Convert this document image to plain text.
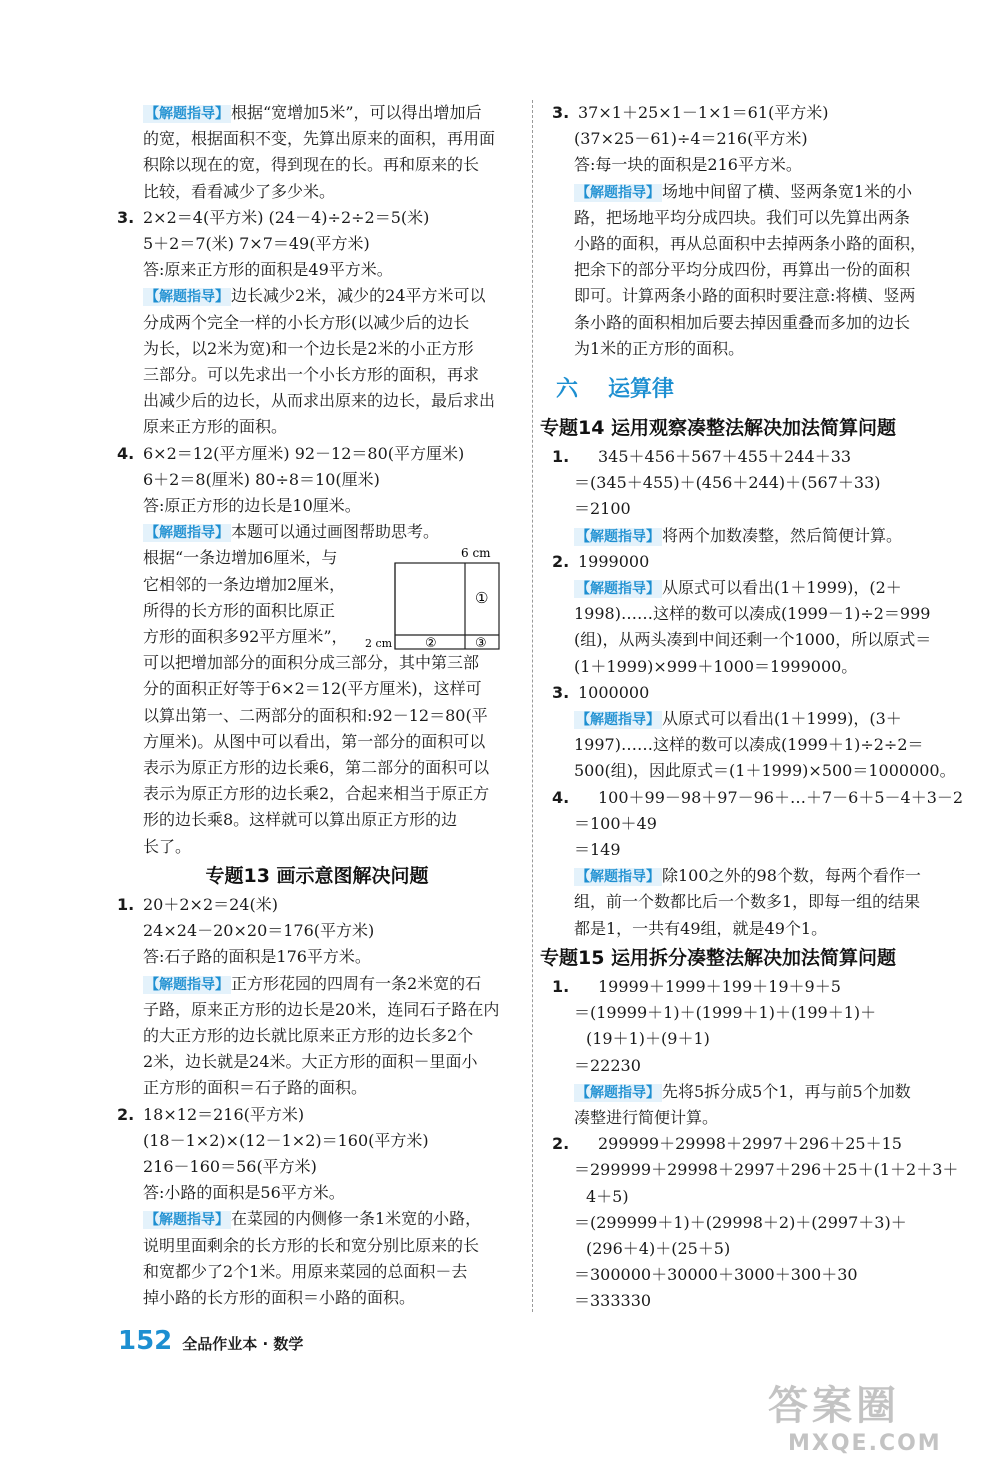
【解题指导】 根据“宽增加5米”，可以得出增加后
的宽，根据面积不变，先算出原来的面积，再用面
积除以现在的宽，得到现在的长。再和原来的长
比较，看看减少了多少米。
3. 2×2＝4(平方米) (24－4)÷2÷2＝5(米)
5＋2＝7(米) 7×7＝49(平方米)
答:原来正方形的面积是49平方米。
【解题指导】 边长减少2米，减少的24平方米可以
分成两个完全一样的小长方形(以减少后的边长
为长，以2米为宽)和一个边长是2米的小正方形
三部分。可以先求出一个小长方形的面积，再求
出减少后的边长，从而求出原来的边长，最后求出
原来正方形的面积。
4. 6×2＝12(平方厘米) 92－12＝80(平方厘米)
6＋2＝8(厘米) 80÷8＝10(厘米)
答:原正方形的边长是10厘米。
【解题指导】 本题可以通过画图帮助思考。
根据“一条边增加6厘米，与
它相邻的一条边增加2厘米，
所得的长方形的面积比原正
方形的面积多92平方厘米”，
6 cm
①
②	③
2 cm
可以把增加部分的面积分成三部分，其中第三部
分的面积正好等于6×2＝12(平方厘米)，这样可
以算出第一、二两部分的面积和:92－12＝80(平
方厘米)。从图中可以看出，第一部分的面积可以
表示为原正方形的边长乘6，第二部分的面积可以
表示为原正方形的边长乘2，合起来相当于原正方
形的边长乘8。这样就可以算出原正方形的边
长了。
专题13 画示意图解决问题
1. 20＋2×2＝24(米)
24×24－20×20＝176(平方米)
答:石子路的面积是176平方米。
【解题指导】 正方形花园的四周有一条2米宽的石
子路，原来正方形的边长是20米，连同石子路在内
的大正方形的边长就比原来正方形的边长多2个
2米，边长就是24米。大正方形的面积－里面小
正方形的面积＝石子路的面积。
2. 18×12＝216(平方米)
(18－1×2)×(12－1×2)＝160(平方米)
216－160＝56(平方米)
答:小路的面积是56平方米。
【解题指导】 在菜园的内侧修一条1米宽的小路，
说明里面剩余的长方形的长和宽分别比原来的长
和宽都少了2个1米。用原来菜园的总面积－去
掉小路的长方形的面积＝小路的面积。
3. 37×1＋25×1－1×1＝61(平方米)
(37×25－61)÷4＝216(平方米)
答:每一块的面积是216平方米。
【解题指导】 场地中间留了横、竖两条宽1米的小
路，把场地平均分成四块。我们可以先算出两条
小路的面积，再从总面积中去掉两条小路的面积，
把余下的部分平均分成四份，再算出一份的面积
即可。计算两条小路的面积时要注意:将横、竖两
条小路的面积相加后要去掉因重叠而多加的边长
为1米的正方形的面积。
六 运算律
专题14 运用观察凑整法解决加法简算问题
1. 345＋456＋567＋455＋244＋33
＝(345＋455)＋(456＋244)＋(567＋33)
＝2100
【解题指导】 将两个加数凑整，然后简便计算。
2. 1999000
【解题指导】 从原式可以看出(1＋1999)，(2＋
1998)……这样的数可以凑成(1999－1)÷2＝999
(组)，从两头凑到中间还剩一个1000，所以原式＝
(1＋1999)×999＋1000＝1999000。
3. 1000000
【解题指导】 从原式可以看出(1＋1999)，(3＋
1997)……这样的数可以凑成(1999＋1)÷2÷2＝
500(组)，因此原式＝(1＋1999)×500＝1000000。
4. 100＋99－98＋97－96＋…＋7－6＋5－4＋3－2
＝100＋49
＝149
【解题指导】 除100之外的98个数，每两个看作一
组，前一个数都比后一个数多1，即每一组的结果
都是1，一共有49组，就是49个1。
专题15 运用拆分凑整法解决加法简算问题
1. 19999＋1999＋199＋19＋9＋5
＝(19999＋1)＋(1999＋1)＋(199＋1)＋
(19＋1)＋(9＋1)
＝22230
【解题指导】 先将5拆分成5个1，再与前5个加数
凑整进行简便计算。
2. 299999＋29998＋2997＋296＋25＋15
＝299999＋29998＋2997＋296＋25＋(1＋2＋3＋
4＋5)
＝(299999＋1)＋(29998＋2)＋(2997＋3)＋
(296＋4)＋(25＋5)
＝300000＋30000＋3000＋300＋30
＝333330
152 全品作业本 · 数学
答案圈
MXQE.COM
